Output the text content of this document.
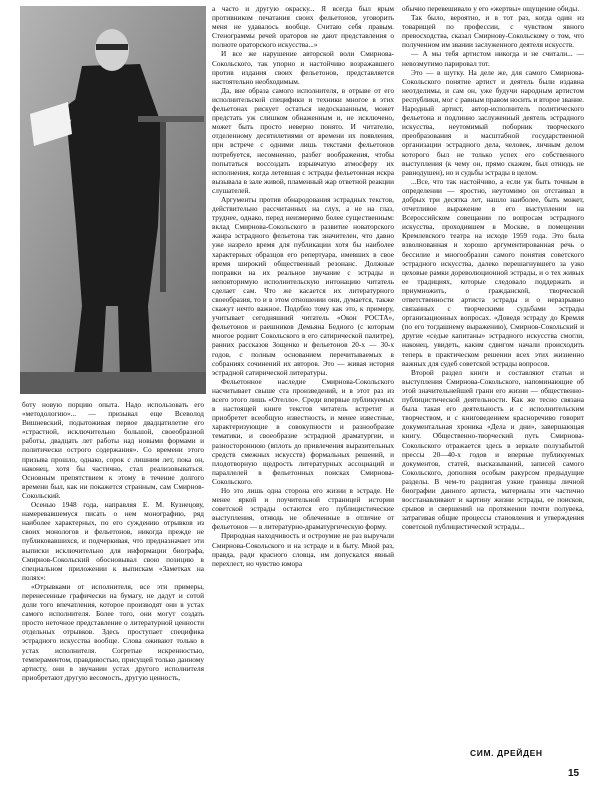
боту новую порцию опыта. Надо использовать его «методологию»... — призывал еще Всеволод Вишневский, подытоживая первое двадцатилетие его «страстной, исключительно большой, своеобразной работы, двадцать лет работы над новыми формами и политически острого содержания». Со времени этого призыва прошло, однако, сорок с лишним лет, пока он, наконец, хотя бы частично, стал реализовываться. Основным препятствием к этому в течение долгого времени был, как ни покажется странным, сам Смирнов-Сокольский.

Осенью 1948 года, направляя Е. М. Кузнецову, намеревавшемуся писать о нем монографию, ряд наиболее характерных, по его суждению отрывков из своих монологов и фельетонов, никогда прежде не публиковавшихся, и подчеркивая, что предназначает эти выписки исключительно для информации биографа, Смирнов-Сокольский обосновывал свою позицию в специальном приложении к выпискам «Заметках на полях»:

«Отрывками от исполнителя, все эти примеры, перенесенные графически на бумагу, не дадут и сотой доли того впечатления, которое производят они в устах самого исполнителя. Более того, они могут создать просто неточное представление о литературной ценности отдельных отрывков. Здесь проступает специфика эстрадного искусства вообще. Слова оживают только в устах исполнителя. Согретые искренностью, темпераментом, правдивостью, присущей только данному артисту, они в звучании устах другого исполнителя приобретают другую весомость, другую ценность,

а часто и другую окраску... Я всегда был ярым противником печатания своих фельетонов, уговорить меня не удавалось вообще. Считаю себя правым. Стенограммы речей ораторов не дают представления о полноте ораторского искусства...»

И все же нарушение авторской воли Смирнова-Сокольского, так упорно и настойчиво возражавшего против издания своих фельетонов, представляется настоятельно необходимым.

Да, вне образа самого исполнителя, в отрыве от его исполнительской специфики и техники многое в этих фельетонах рискует остаться недосказанным, может предстать уж слишком обнаженным и, не исключено, может быть просто неверно понято. И читателю, отделенному десятилетиями от времени их появления, при встрече с одними лишь текстами фельетонов потребуется, несомненно, разбег воображения, чтобы попытаться воссоздать взрывчатую атмосферу их исполнения, когда летевшая с эстрады фельетонная искра вызывала в зале живой, пламенный жар ответной реакции слушателей.

Аргументы против обнародования эстрадных текстов, действительно рассчитанных на слух, а не на глаз, труднее, однако, перед неизмеримо более существенным: вклад Смирнова-Сокольского в развитие новаторского жанра эстрадного фельетона так значителен, что давно уже назрело время для публикации хотя бы наиболее характерных образцов его репертуара, имевших в свое время широкий общественный резонанс. Должные поправки на их реальное звучание с эстрады и неповторимую исполнительскую интонацию читатель сделает сам. Что же касается их литературного своеобразия, то и в этом отношении они, думается, также скажут нечто важное. Подобно тому как это, к примеру, учитывает сегодняшний читатель «Окон РОСТА», фельетонов и раешников Демьяна Бедного (с которым многое роднит Сокольского в его сатирической палитре), ранних рассказов Зощенко и фельетонов 20-х — 30-х годов, с полным основанием перечитываемых в собраниях сочинений их авторов. Это — живая история эстрадной сатирической литературы.

Фельетонное наследие Смирнова-Сокольского насчитывает свыше ста произведений, и в этот раз из всего этого лишь «Отелло». Среди впервые публикуемых в настоящей книге текстов читатель встретит и приобретет всеобщую известность, и менее известные, характеризующие в совокупности и разнообразие тематики, и своеобразие эстрадной драматургии, и разностороннюю (вплоть до привлечения выразительных средств смежных искусств) формальных решений, и плодотворную щедрость литературных ассоциаций и параллелей в фельетонных поисках Смирнова-Сокольского.

Но это лишь одна сторона его жизни в эстраде. Не менее яркой и поучительной страницей истории советской эстрады остаются его публицистические выступления, отнюдь не облеченные в отличие от фельетонов — в литературно-драматургическую форму.

Природная находчивость и остроумие не раз выручали Смирнова-Сокольского и на эстраде и в быту. Мной раз, правда, ради красного словца, им допускался явный перехлест, но чувство юмора

обычно перевешивало у его «жертвы» ощущение обиды.

Так было, вероятно, и в тот раз, когда один из товарищей по профессии, с чувством явного превосходства, сказал Смирнову-Сокольскому о том, что полученном им звании заслуженного деятеля искусств.

— А мы тебя артистом никогда и не считали... — невозмутимо парировал тот.

Это — в шутку. На деле же, для самого Смирнова-Сокольского понятие артист и деятель были издавна неотделимы, и сам он, уже будучи народным артистом республики, мог с равным правом носить и второе звание. Народный артист, автор-исполнитель политического фельетона и подлинно заслуженный деятель эстрадного искусства, неутомимый поборник творческого преобразования и масштабной государственной организации эстрадного дела, человек, личным делом которого был не только успех его собственного выступления (к чему он, прямо скажем, был отнюдь не равнодушен), но и судьбы эстрады в целом.

...Все, что так настойчиво, а если уж быть точным в определении — яростно, неутомимо он отстаивал в добрых три десятка лет, нашло наиболее, быть может, отчетливое выражение в его выступлении на Всероссийском совещании по вопросам эстрадного искусства, проходившем в Москве, в помещении Кремлевского театра на исходе 1959 года. Это была взволнованная и хорошо аргументированная речь о бессилие и многообразии самого понятия советского эстрадного искусства, далеко перешагнувшего за узко цеховые рамки дореволюционной эстрады, и о тех живых ее традициях, которые следовало поддержать и приумножить, о гражданской, творческой ответственности артиста эстрады и о неразрывно связанных с творческими судьбами эстрады организационных вопросах. «Доведя эстраду до Кремля (по его тогдашнему выражению), Смирнов-Сокольский и другие «седые капитаны» эстрадного искусства смогли, наконец, увидеть, каким сдвигом начали происходить теперь в практическом решении всех этих жизненно важных для судеб советской эстрады вопросов.

Второй раздел книги и составляют статьи и выступления Смирнова-Сокольского, напоминающие об этой значительнейшей грани его жизни — общественно-публицистической деятельности. Как же тесно связана была такая его деятельность и с исполнительским творчеством, и с книговедением красноречиво говорит документальная хроника «Дела и дни», завершающая книгу. Общественно-творческий путь Смирнова-Сокольского отражается здесь в зеркале полузабытой прессы 20—40-х годов и впервые публикуемых документов, статей, высказываний, записей самого Сокольского, дополняя особым ракурсом предыдущие разделы. В чем-то раздвигая узкие границы личной биографии данного артиста, материалы эти частично восстанавливают и картину жизни эстрады, ее поисков, срывов и свершений на протяжении почти полувека, затрагивая общие процессы становления и утверждения советской публицистической эстрады...

СИМ. ДРЕЙДЕН
15
